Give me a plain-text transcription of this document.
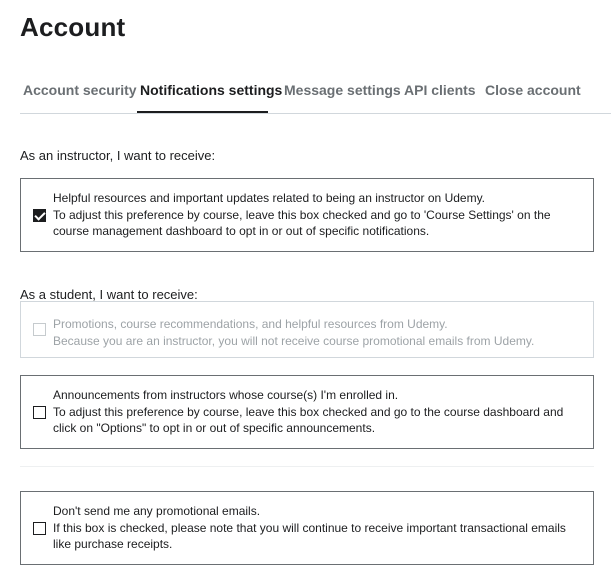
Account
Account security Notifications settings Message settings API clients Close account
As an instructor, I want to receive:
Helpful resources and important updates related to being an instructor on Udemy.
To adjust this preference by course, leave this box checked and go to 'Course Settings' on the course management dashboard to opt in or out of specific notifications.
As a student, I want to receive:
Promotions, course recommendations, and helpful resources from Udemy.
Because you are an instructor, you will not receive course promotional emails from Udemy.
Announcements from instructors whose course(s) I'm enrolled in.
To adjust this preference by course, leave this box checked and go to the course dashboard and click on "Options" to opt in or out of specific announcements.
Don't send me any promotional emails.
If this box is checked, please note that you will continue to receive important transactional emails like purchase receipts.
